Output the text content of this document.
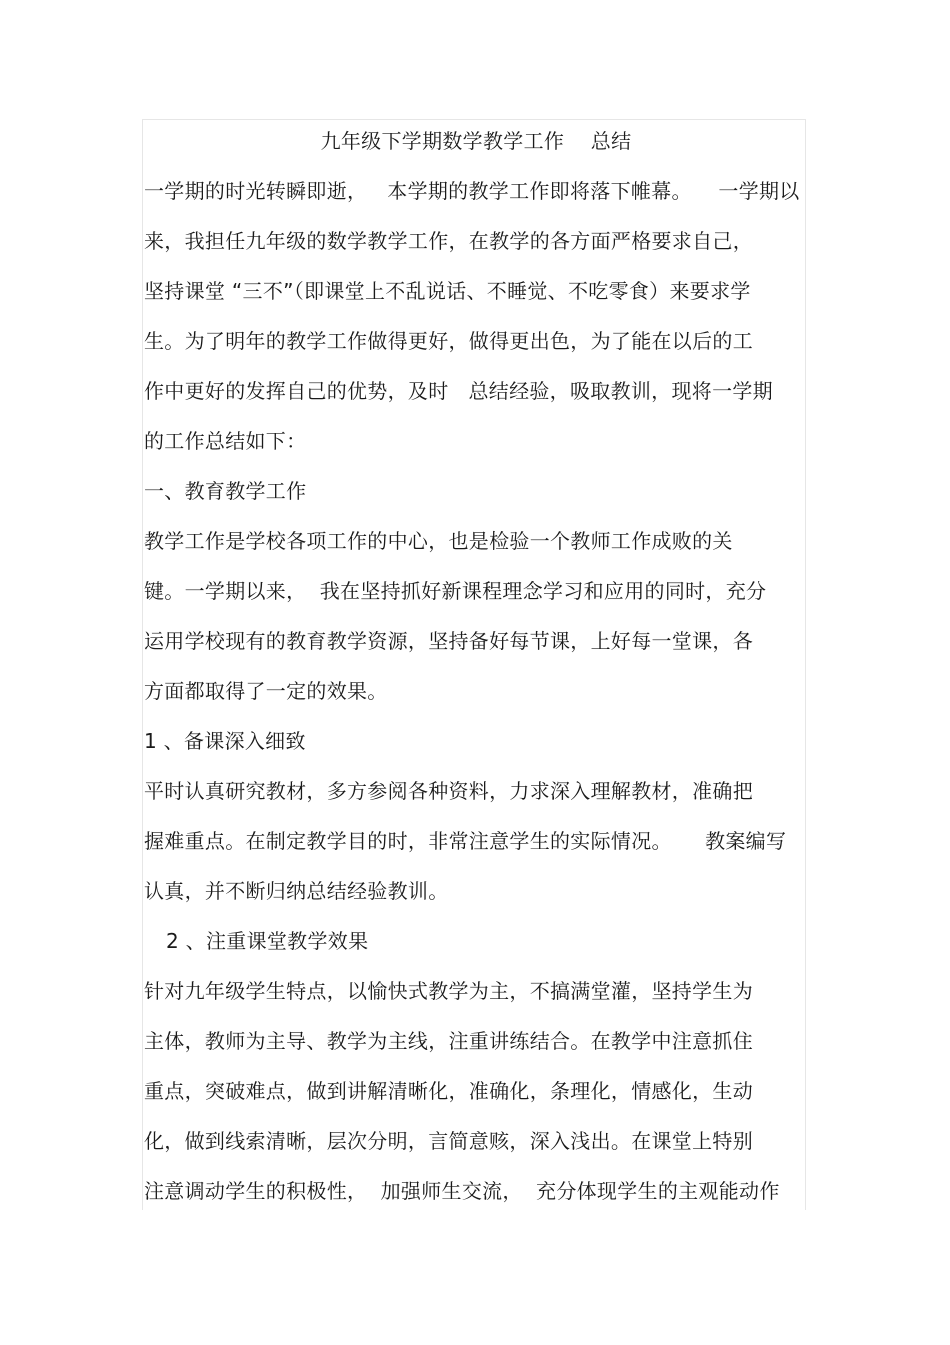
九年级下学期数学教学工作    总结
一学期的时光转瞬即逝，   本学期的教学工作即将落下帷幕。    一学期以
来，我担任九年级的数学教学工作，在教学的各方面严格要求自己，
坚持课堂 “三不”（即课堂上不乱说话、不睡觉、不吃零食）来要求学
生。为了明年的教学工作做得更好，做得更出色，为了能在以后的工
作中更好的发挥自己的优势，及时   总结经验，吸取教训，现将一学期
的工作总结如下：
一、教育教学工作
教学工作是学校各项工作的中心，也是检验一个教师工作成败的关
键。一学期以来，  我在坚持抓好新课程理念学习和应用的同时，充分
运用学校现有的教育教学资源，坚持备好每节课，上好每一堂课，各
方面都取得了一定的效果。
1 、备课深入细致
平时认真研究教材，多方参阅各种资料，力求深入理解教材，准确把
握难重点。在制定教学目的时，非常注意学生的实际情况。     教案编写
认真，并不断归纳总结经验教训。
2 、注重课堂教学效果
针对九年级学生特点，以愉快式教学为主，不搞满堂灌，坚持学生为
主体，教师为主导、教学为主线，注重讲练结合。在教学中注意抓住
重点，突破难点，做到讲解清晰化，准确化，条理化，情感化，生动
化，做到线索清晰，层次分明，言简意赅，深入浅出。在课堂上特别
注意调动学生的积极性，  加强师生交流，  充分体现学生的主观能动作
